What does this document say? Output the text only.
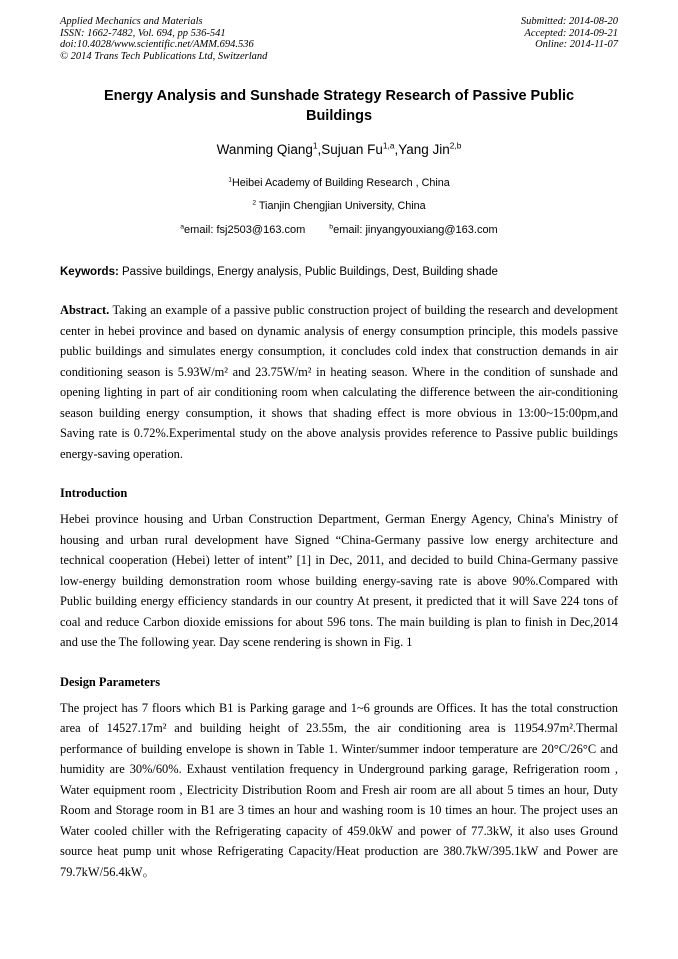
Applied Mechanics and Materials
ISSN: 1662-7482, Vol. 694, pp 536-541
doi:10.4028/www.scientific.net/AMM.694.536
© 2014 Trans Tech Publications Ltd, Switzerland
Submitted: 2014-08-20
Accepted: 2014-09-21
Online: 2014-11-07
Energy Analysis and Sunshade Strategy Research of Passive Public Buildings
Wanming Qiang$^1$,Sujuan Fu$^{1,a}$,Yang Jin$^{2,b}$
$^1$Heibei Academy of Building Research , China
$^2$ Tianjin Chengjian University, China
$^a$email: fsj2503@163.com	$^b$email: jinyangyouxiang@163.com

Keywords: Passive buildings, Energy analysis, Public Buildings, Dest, Building shade

Abstract. Taking an example of a passive public construction project of building the research and development center in hebei province and based on dynamic analysis of energy consumption principle, this models passive public buildings and simulates energy consumption, it concludes cold index that construction demands in air conditioning season is 5.93W/m² and 23.75W/m² in heating season. Where in the condition of sunshade and opening lighting in part of air conditioning room when calculating the difference between the air-conditioning season building energy consumption, it shows that shading effect is more obvious in 13:00~15:00pm,and Saving rate is 0.72%.Experimental study on the above analysis provides reference to Passive public buildings energy-saving operation.

Introduction

Hebei province housing and Urban Construction Department, German Energy Agency, China's Ministry of housing and urban rural development have Signed “China-Germany passive low energy architecture and technical cooperation (Hebei) letter of intent” [1] in Dec, 2011, and decided to build China-Germany passive low-energy building demonstration room whose building energy-saving rate is above 90%.Compared with Public building energy efficiency standards in our country At present, it predicted that it will Save 224 tons of coal and reduce Carbon dioxide emissions for about 596 tons. The main building is plan to finish in Dec,2014 and use the The following year. Day scene rendering is shown in Fig. 1

Design Parameters

The project has 7 floors which B1 is Parking garage and 1~6 grounds are Offices. It has the total construction area of 14527.17m² and building height of 23.55m, the air conditioning area is 11954.97m².Thermal performance of building envelope is shown in Table 1. Winter/summer indoor temperature are 20°C/26°C and humidity are 30%/60%. Exhaust ventilation frequency in Underground parking garage, Refrigeration room , Water equipment room , Electricity Distribution Room and Fresh air room are all about 5 times an hour, Duty Room and Storage room in B1 are 3 times an hour and washing room is 10 times an hour. The project uses an Water cooled chiller with the Refrigerating capacity of 459.0kW and power of 77.3kW, it also uses Ground source heat pump unit whose Refrigerating Capacity/Heat production are 380.7kW/395.1kW and Power are 79.7kW/56.4kW。
